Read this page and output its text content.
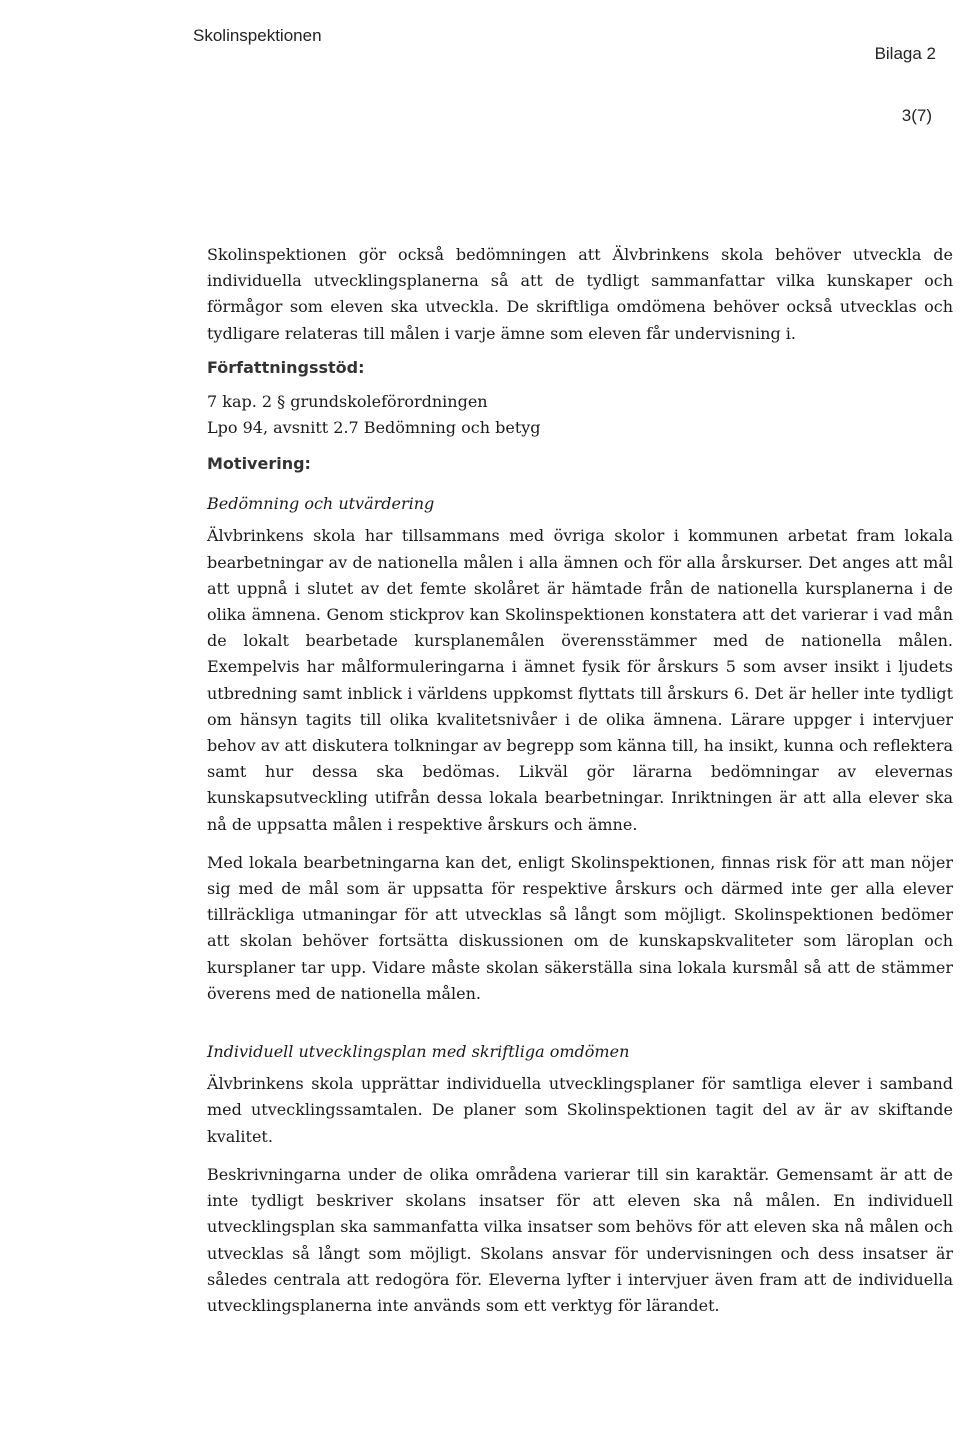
Skolinspektionen
Bilaga 2
3(7)

Skolinspektionen gör också bedömningen att Älvbrinkens skola behöver utveckla de individuella utvecklingsplanerna så att de tydligt sammanfattar vilka kunskaper och förmågor som eleven ska utveckla. De skriftliga omdömena behöver också utvecklas och tydligare relateras till målen i varje ämne som eleven får undervisning i.

Författningsstöd:
7 kap. 2 § grundskoleförordningen
Lpo 94, avsnitt 2.7 Bedömning och betyg
Motivering:
Bedömning och utvärdering

Älvbrinkens skola har tillsammans med övriga skolor i kommunen arbetat fram lokala bearbetningar av de nationella målen i alla ämnen och för alla årskurser. Det anges att mål att uppnå i slutet av det femte skolåret är hämtade från de nationella kursplanerna i de olika ämnena. Genom stickprov kan Skolinspektionen konstatera att det varierar i vad mån de lokalt bearbetade kursplanemålen överensstämmer med de nationella målen. Exempelvis har målformuleringarna i ämnet fysik för årskurs 5 som avser insikt i ljudets utbredning samt inblick i världens uppkomst flyttats till årskurs 6. Det är heller inte tydligt om hänsyn tagits till olika kvalitetsnivåer i de olika ämnena. Lärare uppger i intervjuer behov av att diskutera tolkningar av begrepp som känna till, ha insikt, kunna och reflektera samt hur dessa ska bedömas. Likväl gör lärarna bedömningar av elevernas kunskapsutveckling utifrån dessa lokala bearbetningar. Inriktningen är att alla elever ska nå de uppsatta målen i respektive årskurs och ämne.

Med lokala bearbetningarna kan det, enligt Skolinspektionen, finnas risk för att man nöjer sig med de mål som är uppsatta för respektive årskurs och därmed inte ger alla elever tillräckliga utmaningar för att utvecklas så långt som möjligt. Skolinspektionen bedömer att skolan behöver fortsätta diskussionen om de kunskapskvaliteter som läroplan och kursplaner tar upp. Vidare måste skolan säkerställa sina lokala kursmål så att de stämmer överens med de nationella målen.

Individuell utvecklingsplan med skriftliga omdömen

Älvbrinkens skola upprättar individuella utvecklingsplaner för samtliga elever i samband med utvecklingssamtalen. De planer som Skolinspektionen tagit del av är av skiftande kvalitet.

Beskrivningarna under de olika områdena varierar till sin karaktär. Gemensamt är att de inte tydligt beskriver skolans insatser för att eleven ska nå målen. En individuell utvecklingsplan ska sammanfatta vilka insatser som behövs för att eleven ska nå målen och utvecklas så långt som möjligt. Skolans ansvar för undervisningen och dess insatser är således centrala att redogöra för. Eleverna lyfter i intervjuer även fram att de individuella utvecklingsplanerna inte används som ett verktyg för lärandet.
